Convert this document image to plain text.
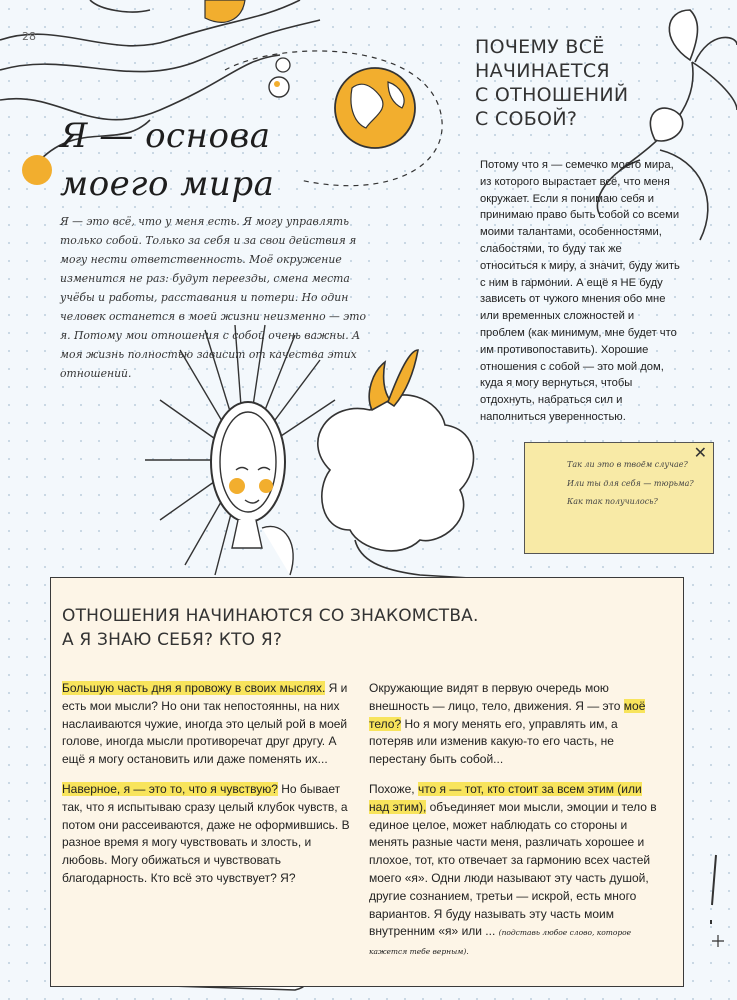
28
Я — основа
моего мира
Я — это всё, что у меня есть. Я могу управлять только собой. Только за себя и за свои действия я могу нести ответственность. Моё окружение изменится не раз: будут переезды, смена места учёбы и работы, расставания и потери. Но один человек останется в моей жизни неизменно — это я. Потому мои отношения с собой очень важны. А моя жизнь полностью зависит от качества этих отношений.
ПОЧЕМУ ВСЁ
НАЧИНАЕТСЯ
С ОТНОШЕНИЙ
С СОБОЙ?
Потому что я — семечко моего мира, из которого вырастает всё, что меня окружает. Если я понимаю себя и принимаю право быть собой со всеми моими талантами, особенностями, слабостями, то буду так же относиться к миру, а значит, буду жить с ним в гармонии. А ещё я НЕ буду зависеть от чужого мнения обо мне или временных сложностей и проблем (как минимум, мне будет что им противопоставить). Хорошие отношения с собой — это мой дом, куда я могу вернуться, чтобы отдохнуть, набраться сил и наполниться уверенностью.
✕

Так ли это в твоём случае?

Или ты для себя — тюрьма?

Как так получилось?

ОТНОШЕНИЯ НАЧИНАЮТСЯ СО ЗНАКОМСТВА.
А Я ЗНАЮ СЕБЯ? КТО Я?
Большую часть дня я провожу в своих мыслях. Я и есть мои мысли? Но они так непостоянны, на них наслаиваются чужие, иногда это целый рой в моей голове, иногда мысли противоречат друг другу. А ещё я могу остановить или даже поменять их...
Наверное, я — это то, что я чувствую? Но бывает так, что я испытываю сразу целый клубок чувств, а потом они рассеиваются, даже не оформившись. В разное время я могу чувствовать и злость, и любовь. Могу обижаться и чувствовать благодарность. Кто всё это чувствует? Я?
Окружающие видят в первую очередь мою внешность — лицо, тело, движения. Я — это моё тело? Но я могу менять его, управлять им, а потеряв или изменив какую-то его часть, не перестану быть собой...
Похоже, что я — тот, кто стоит за всем этим (или над этим), объединяет мои мысли, эмоции и тело в единое целое, может наблюдать со стороны и менять разные части меня, различать хорошее и плохое, тот, кто отвечает за гармонию всех частей моего «я». Одни люди называют эту часть душой, другие сознанием, третьи — искрой, есть много вариантов. Я буду называть эту часть моим внутренним «я» или ... (подставь любое слово, которое кажется тебе верным).
